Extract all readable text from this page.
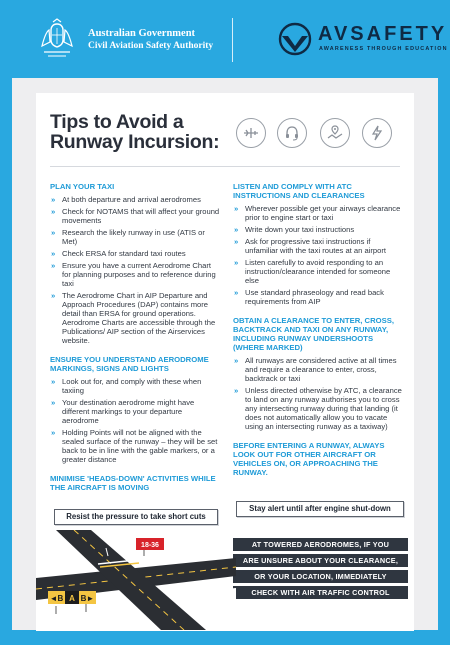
Australian Government
Civil Aviation Safety Authority
AVSAFETY
AWARENESS THROUGH EDUCATION
Tips to Avoid a
Runway Incursion:
PLAN YOUR TAXI
» At both departure and arrival aerodromes
» Check for NOTAMS that will affect your ground movements
» Research the likely runway in use (ATIS or Met)
» Check ERSA for standard taxi routes
» Ensure you have a current Aerodrome Chart for planning purposes and to reference during taxi
» The Aerodrome Chart in AIP Departure and Approach Procedures (DAP) contains more detail than ERSA for ground operations. Aerodrome Charts are accessible through the Publications/ AIP section of the Airservices website.
ENSURE YOU UNDERSTAND AERODROME MARKINGS, SIGNS AND LIGHTS
» Look out for, and comply with these when taxiing
» Your destination aerodrome might have different markings to your departure aerodrome
» Holding Points will not be aligned with the sealed surface of the runway – they will be set back to be in line with the gable markers, or a greater distance
MINIMISE 'HEADS-DOWN' ACTIVITIES WHILE THE AIRCRAFT IS MOVING
Resist the pressure to take short cuts
LISTEN AND COMPLY WITH ATC INSTRUCTIONS AND CLEARANCES
» Wherever possible get your airways clearance prior to engine start or taxi
» Write down your taxi instructions
» Ask for progressive taxi instructions if unfamiliar with the taxi routes at an airport
» Listen carefully to avoid responding to an instruction/clearance intended for someone else
» Use standard phraseology and read back requirements from AIP
OBTAIN A CLEARANCE TO ENTER, CROSS, BACKTRACK AND TAXI ON ANY RUNWAY, INCLUDING RUNWAY UNDERSHOOTS (WHERE MARKED)
» All runways are considered active at all times and require a clearance to enter, cross, backtrack or taxi
» Unless directed otherwise by ATC, a clearance to land on any runway authorises you to cross any intersecting runway during that landing (it does not automatically allow you to vacate using an intersecting runway as a taxiway)
BEFORE ENTERING A RUNWAY, ALWAYS LOOK OUT FOR OTHER AIRCRAFT OR VEHICLES ON, OR APPROACHING THE RUNWAY.
Stay alert until after engine shut-down
AT TOWERED AERODROMES, IF YOU
ARE UNSURE ABOUT YOUR CLEARANCE,
OR YOUR LOCATION, IMMEDIATELY
CHECK WITH AIR TRAFFIC CONTROL
18-36
◄B A B►
